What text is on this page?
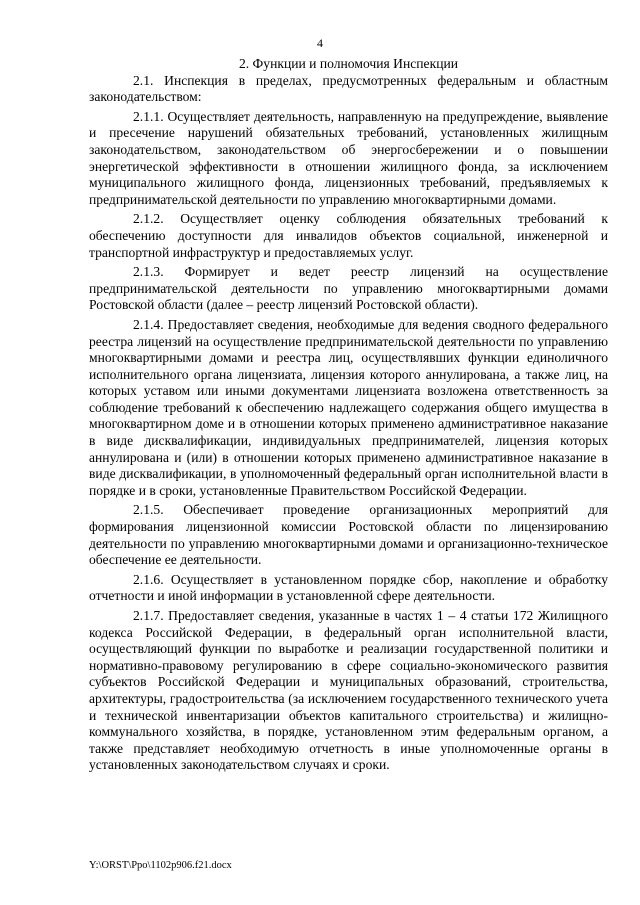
4
2. Функции и полномочия Инспекции

2.1. Инспекция в пределах, предусмотренных федеральным и областным законодательством:

2.1.1. Осуществляет деятельность, направленную на предупреждение, выявление и пресечение нарушений обязательных требований, установленных жилищным законодательством, законодательством об энергосбережении и о повышении энергетической эффективности в отношении жилищного фонда, за исключением муниципального жилищного фонда, лицензионных требований, предъявляемых к предпринимательской деятельности по управлению многоквартирными домами.

2.1.2. Осуществляет оценку соблюдения обязательных требований к обеспечению доступности для инвалидов объектов социальной, инженерной и транспортной инфраструктур и предоставляемых услуг.

2.1.3. Формирует и ведет реестр лицензий на осуществление предпринимательской деятельности по управлению многоквартирными домами Ростовской области (далее – реестр лицензий Ростовской области).

2.1.4. Предоставляет сведения, необходимые для ведения сводного федерального реестра лицензий на осуществление предпринимательской деятельности по управлению многоквартирными домами и реестра лиц, осуществлявших функции единоличного исполнительного органа лицензиата, лицензия которого аннулирована, а также лиц, на которых уставом или иными документами лицензиата возложена ответственность за соблюдение требований к обеспечению надлежащего содержания общего имущества в многоквартирном доме и в отношении которых применено административное наказание в виде дисквалификации, индивидуальных предпринимателей, лицензия которых аннулирована и (или) в отношении которых применено административное наказание в виде дисквалификации, в уполномоченный федеральный орган исполнительной власти в порядке и в сроки, установленные Правительством Российской Федерации.

2.1.5. Обеспечивает проведение организационных мероприятий для формирования лицензионной комиссии Ростовской области по лицензированию деятельности по управлению многоквартирными домами и организационно-техническое обеспечение ее деятельности.

2.1.6. Осуществляет в установленном порядке сбор, накопление и обработку отчетности и иной информации в установленной сфере деятельности.

2.1.7. Предоставляет сведения, указанные в частях 1 – 4 статьи 172 Жилищного кодекса Российской Федерации, в федеральный орган исполнительной власти, осуществляющий функции по выработке и реализации государственной политики и нормативно-правовому регулированию в сфере социально-экономического развития субъектов Российской Федерации и муниципальных образований, строительства, архитектуры, градостроительства (за исключением государственного технического учета и технической инвентаризации объектов капитального строительства) и жилищно-коммунального хозяйства, в порядке, установленном этим федеральным органом, а также представляет необходимую отчетность в иные уполномоченные органы в установленных законодательством случаях и сроки.

Y:\ORST\Ppo\1102p906.f21.docx
